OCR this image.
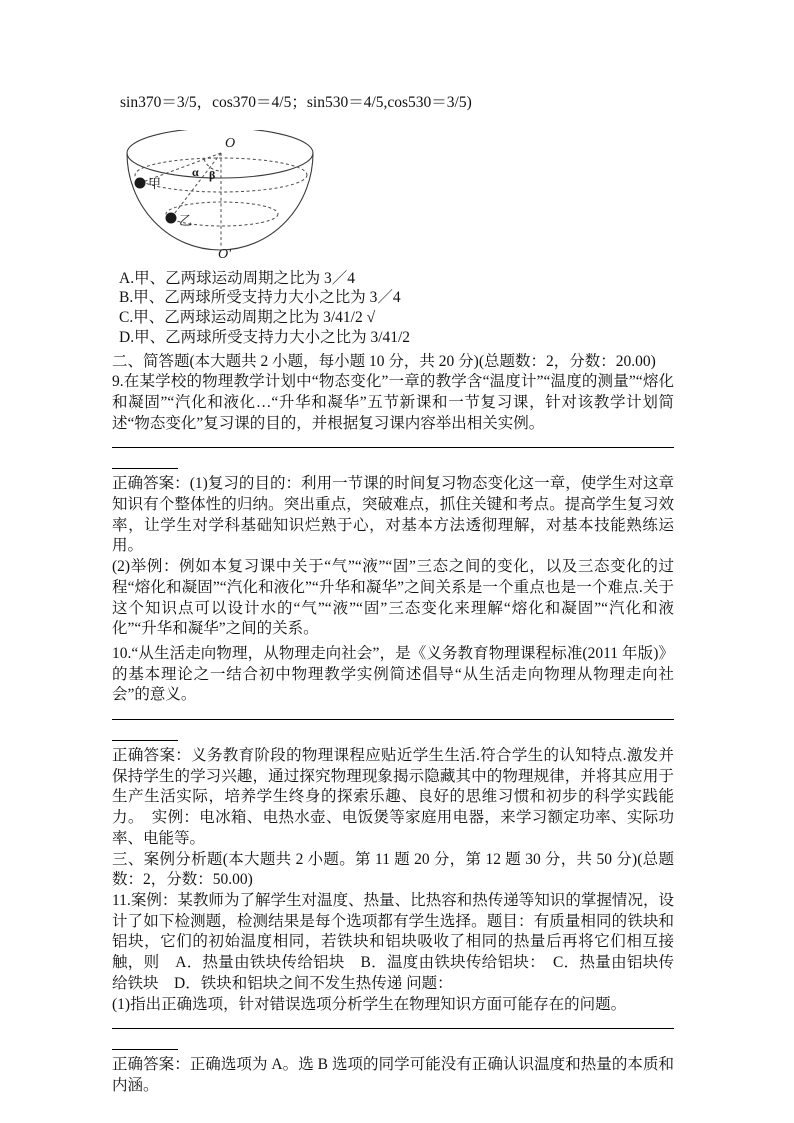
sin370＝3/5，cos370＝4/5；sin530＝4/5,cos530＝3/5)

O
O'
α β
甲
乙
A.甲、乙两球运动周期之比为 3／4
B.甲、乙两球所受支持力大小之比为 3／4
C.甲、乙两球运动周期之比为 3/41/2 √
D.甲、乙两球所受支持力大小之比为 3/41/2

二、简答题(本大题共 2 小题，每小题 10 分，共 20 分)(总题数：2，分数：20.00)

9.在某学校的物理教学计划中“物态变化”一章的教学含“温度计”“温度的测量”“熔化和凝固”“汽化和液化…“升华和凝华”五节新课和一节复习课，针对该教学计划简述“物态变化”复习课的目的，并根据复习课内容举出相关实例。

正确答案：(1)复习的目的：利用一节课的时间复习物态变化这一章，使学生对这章知识有个整体性的归纳。突出重点，突破难点，抓住关键和考点。提高学生复习效率，让学生对学科基础知识烂熟于心，对基本方法透彻理解，对基本技能熟练运用。

(2)举例：例如本复习课中关于“气”“液”“固”三态之间的变化，以及三态变化的过程“熔化和凝固”“汽化和液化”“升华和凝华”之间关系是一个重点也是一个难点.关于这个知识点可以设计水的“气”“液”“固”三态变化来理解“熔化和凝固”“汽化和液化”“升华和凝华”之间的关系。

10.“从生活走向物理，从物理走向社会”，是《义务教育物理课程标准(2011 年版)》的基本理论之一结合初中物理教学实例简述倡导“从生活走向物理从物理走向社会”的意义。

正确答案：义务教育阶段的物理课程应贴近学生生活.符合学生的认知特点.激发并保持学生的学习兴趣，通过探究物理现象揭示隐藏其中的物理规律，并将其应用于生产生活实际，培养学生终身的探索乐趣、良好的思维习惯和初步的科学实践能力。　实例：电冰箱、电热水壶、电饭煲等家庭用电器，来学习额定功率、实际功率、电能等。

三、案例分析题(本大题共 2 小题。第 11 题 20 分，第 12 题 30 分，共 50 分)(总题数：2，分数：50.00)

11.案例：某教师为了解学生对温度、热量、比热容和热传递等知识的掌握情况，设计了如下检测题，检测结果是每个选项都有学生选择。题目：有质量相同的铁块和铝块，它们的初始温度相同，若铁块和铝块吸收了相同的热量后再将它们相互接触，则　A．热量由铁块传给铝块　B．温度由铁块传给铝块：　C．热量由铝块传给铁块　D．铁块和铝块之间不发生热传递 问题：

(1)指出正确选项，针对错误选项分析学生在物理知识方面可能存在的问题。

正确答案：正确选项为 A。选 B 选项的同学可能没有正确认识温度和热量的本质和内涵。
